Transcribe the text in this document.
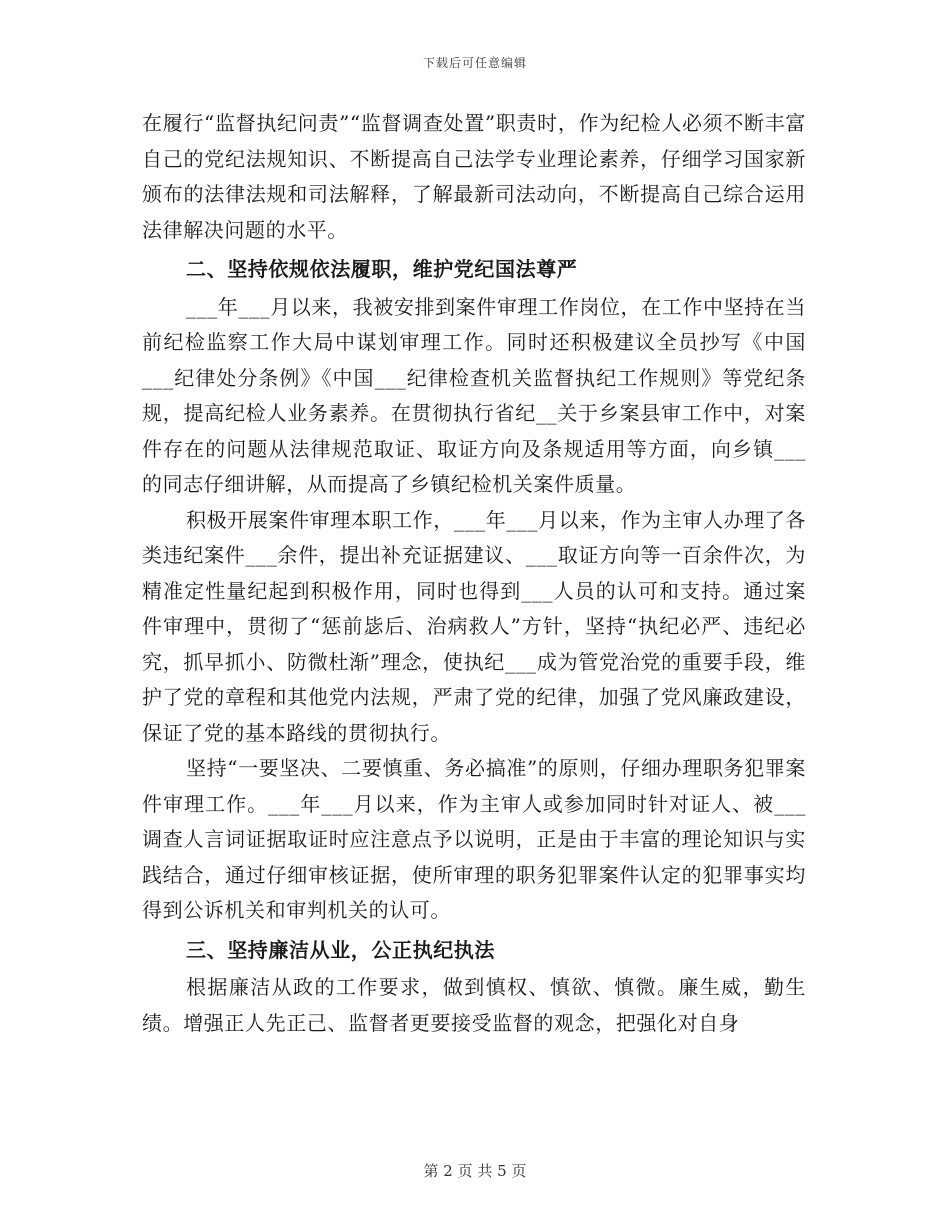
下载后可任意编辑

在履行“监督执纪问责”“监督调查处置”职责时，作为纪检人必须不断丰富自己的党纪法规知识、不断提高自己法学专业理论素养，仔细学习国家新颁布的法律法规和司法解释，了解最新司法动向，不断提高自己综合运用法律解决问题的水平。

二、坚持依规依法履职，维护党纪国法尊严

___年___月以来，我被安排到案件审理工作岗位，在工作中坚持在当前纪检监察工作大局中谋划审理工作。同时还积极建议全员抄写《中国___纪律处分条例》《中国___纪律检查机关监督执纪工作规则》等党纪条规，提高纪检人业务素养。在贯彻执行省纪__关于乡案县审工作中，对案件存在的问题从法律规范取证、取证方向及条规适用等方面，向乡镇___的同志仔细讲解，从而提高了乡镇纪检机关案件质量。

积极开展案件审理本职工作，___年___月以来，作为主审人办理了各类违纪案件___余件，提出补充证据建议、___取证方向等一百余件次，为精准定性量纪起到积极作用，同时也得到___人员的认可和支持。通过案件审理中，贯彻了“惩前毖后、治病救人”方针，坚持“执纪必严、违纪必究，抓早抓小、防微杜渐”理念，使执纪___成为管党治党的重要手段，维护了党的章程和其他党内法规，严肃了党的纪律，加强了党风廉政建设，保证了党的基本路线的贯彻执行。

坚持“一要坚决、二要慎重、务必搞准”的原则，仔细办理职务犯罪案件审理工作。___年___月以来，作为主审人或参加同时针对证人、被___调查人言词证据取证时应注意点予以说明，正是由于丰富的理论知识与实践结合，通过仔细审核证据，使所审理的职务犯罪案件认定的犯罪事实均得到公诉机关和审判机关的认可。

三、坚持廉洁从业，公正执纪执法

根据廉洁从政的工作要求，做到慎权、慎欲、慎微。廉生威，勤生绩。增强正人先正己、监督者更要接受监督的观念，把强化对自身

第 2 页 共 5 页
